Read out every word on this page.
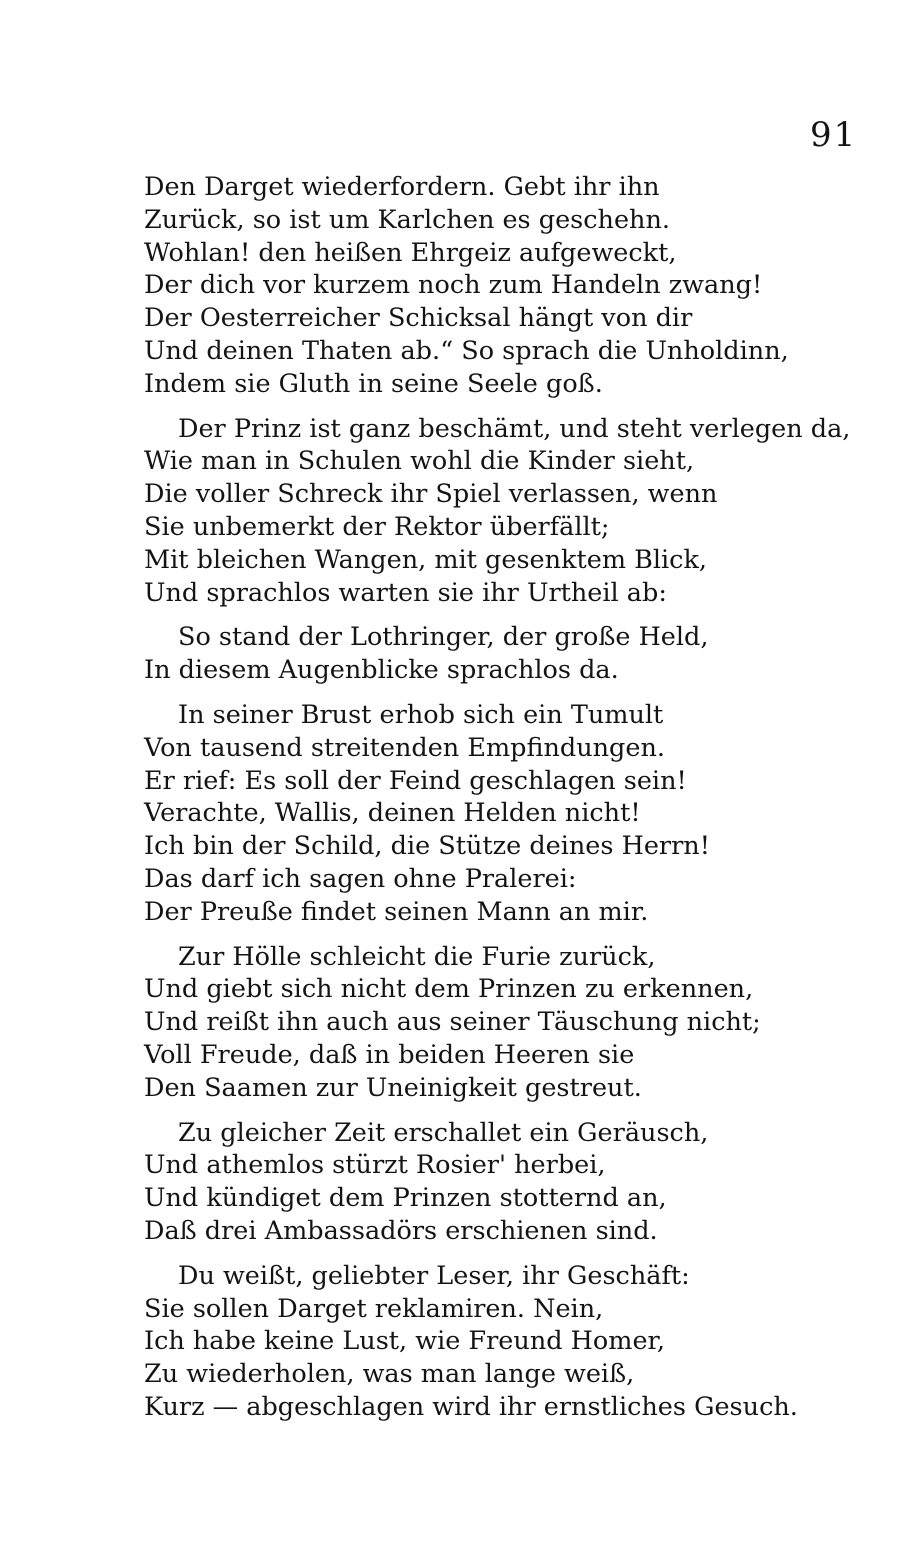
91
Den Darget wiederfordern. Gebt ihr ihn
Zurück, so ist um Karlchen es geschehn.
Wohlan! den heißen Ehrgeiz aufgeweckt,
Der dich vor kurzem noch zum Handeln zwang!
Der Oesterreicher Schicksal hängt von dir
Und deinen Thaten ab.“ So sprach die Unholdinn,
Indem sie Gluth in seine Seele goß.
Der Prinz ist ganz beschämt, und steht verlegen da,
Wie man in Schulen wohl die Kinder sieht,
Die voller Schreck ihr Spiel verlassen, wenn
Sie unbemerkt der Rektor überfällt;
Mit bleichen Wangen, mit gesenktem Blick,
Und sprachlos warten sie ihr Urtheil ab:
So stand der Lothringer, der große Held,
In diesem Augenblicke sprachlos da.
In seiner Brust erhob sich ein Tumult
Von tausend streitenden Empfindungen.
Er rief: Es soll der Feind geschlagen sein!
Verachte, Wallis, deinen Helden nicht!
Ich bin der Schild, die Stütze deines Herrn!
Das darf ich sagen ohne Pralerei:
Der Preuße findet seinen Mann an mir.
Zur Hölle schleicht die Furie zurück,
Und giebt sich nicht dem Prinzen zu erkennen,
Und reißt ihn auch aus seiner Täuschung nicht;
Voll Freude, daß in beiden Heeren sie
Den Saamen zur Uneinigkeit gestreut.
Zu gleicher Zeit erschallet ein Geräusch,
Und athemlos stürzt Rosier' herbei,
Und kündiget dem Prinzen stotternd an,
Daß drei Ambassadörs erschienen sind.
Du weißt, geliebter Leser, ihr Geschäft:
Sie sollen Darget reklamiren. Nein,
Ich habe keine Lust, wie Freund Homer,
Zu wiederholen, was man lange weiß,
Kurz — abgeschlagen wird ihr ernstliches Gesuch.
